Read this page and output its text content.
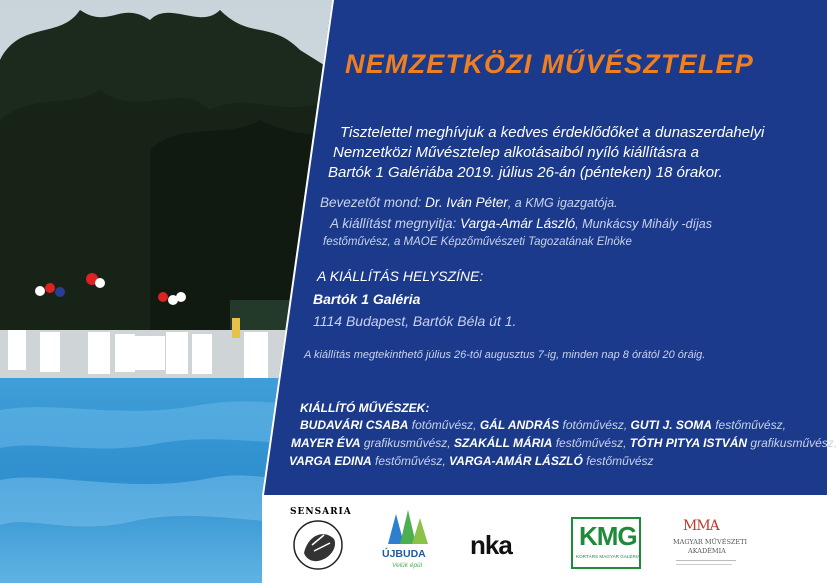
NEMZETKÖZI MŰVÉSZTELEP
Tisztelettel meghívjuk a kedves érdeklődőket a dunaszerdahelyi
Nemzetközi Művésztelep alkotásaiból nyíló kiállításra a
Bartók 1 Galériába 2019. július 26-án (pénteken) 18 órakor.
Bevezetőt mond: Dr. Iván Péter, a KMG igazgatója.
A kiállítást megnyitja: Varga-Amár László, Munkácsy Mihály -díjas
festőművész, a MAOE Képzőművészeti Tagozatának Elnöke
A KIÁLLÍTÁS HELYSZÍNE:
Bartók 1 Galéria
1114 Budapest, Bartók Béla út 1.
A kiállítás megtekinthető július 26-tól augusztus 7-ig, minden nap 8 órától 20 óráig.
KIÁLLÍTÓ MŰVÉSZEK:
BUDAVÁRI CSABA fotóművész, GÁL ANDRÁS fotóművész, GUTI J. SOMA festőművész,
MAYER ÉVA grafikusművész, SZAKÁLL MÁRIA festőművész, TÓTH PITYA ISTVÁN grafikusművész,
VARGA EDINA festőművész, VARGA-AMÁR LÁSZLÓ festőművész
SENSARIA
ÚJBUDA
Velük épül
nka	KMG
KORTÁRS MAGYAR GALÉRIA
MMA
MAGYAR MŰVÉSZETI
AKADÉMIA
